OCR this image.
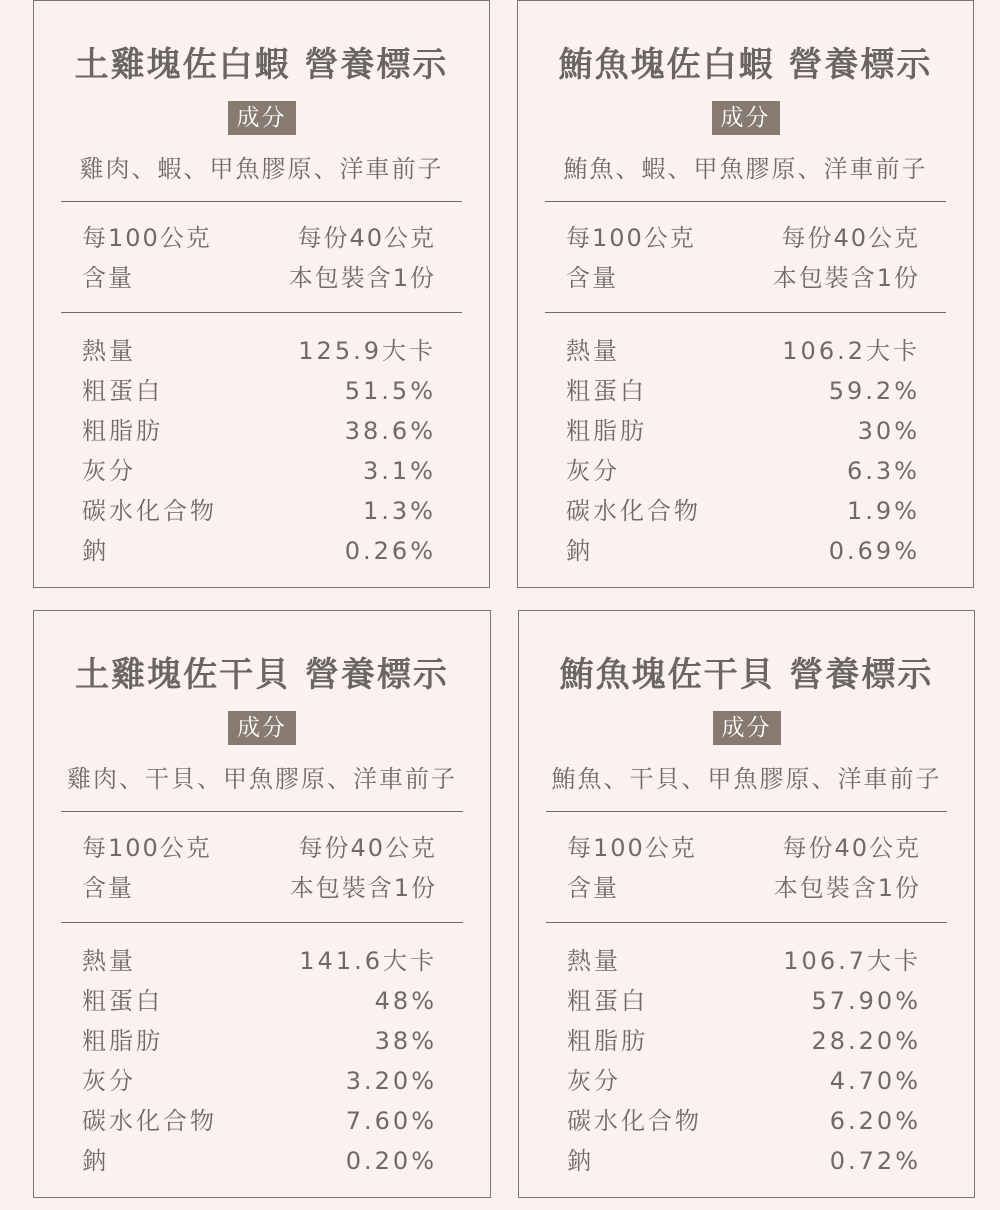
土雞塊佐白蝦 營養標示
成分
雞肉、蝦、甲魚膠原、洋車前子
每100公克
含量
每份40公克
本包裝含1份
熱量	125.9大卡
粗蛋白	51.5%
粗脂肪	38.6%
灰分	3.1%
碳水化合物	1.3%
鈉	0.26%
鮪魚塊佐白蝦 營養標示
成分
鮪魚、蝦、甲魚膠原、洋車前子
每100公克
含量
每份40公克
本包裝含1份
熱量	106.2大卡
粗蛋白	59.2%
粗脂肪	30%
灰分	6.3%
碳水化合物	1.9%
鈉	0.69%
土雞塊佐干貝 營養標示
成分
雞肉、干貝、甲魚膠原、洋車前子
每100公克
含量
每份40公克
本包裝含1份
熱量	141.6大卡
粗蛋白	48%
粗脂肪	38%
灰分	3.20%
碳水化合物	7.60%
鈉	0.20%
鮪魚塊佐干貝 營養標示
成分
鮪魚、干貝、甲魚膠原、洋車前子
每100公克
含量
每份40公克
本包裝含1份
熱量	106.7大卡
粗蛋白	57.90%
粗脂肪	28.20%
灰分	4.70%
碳水化合物	6.20%
鈉	0.72%
